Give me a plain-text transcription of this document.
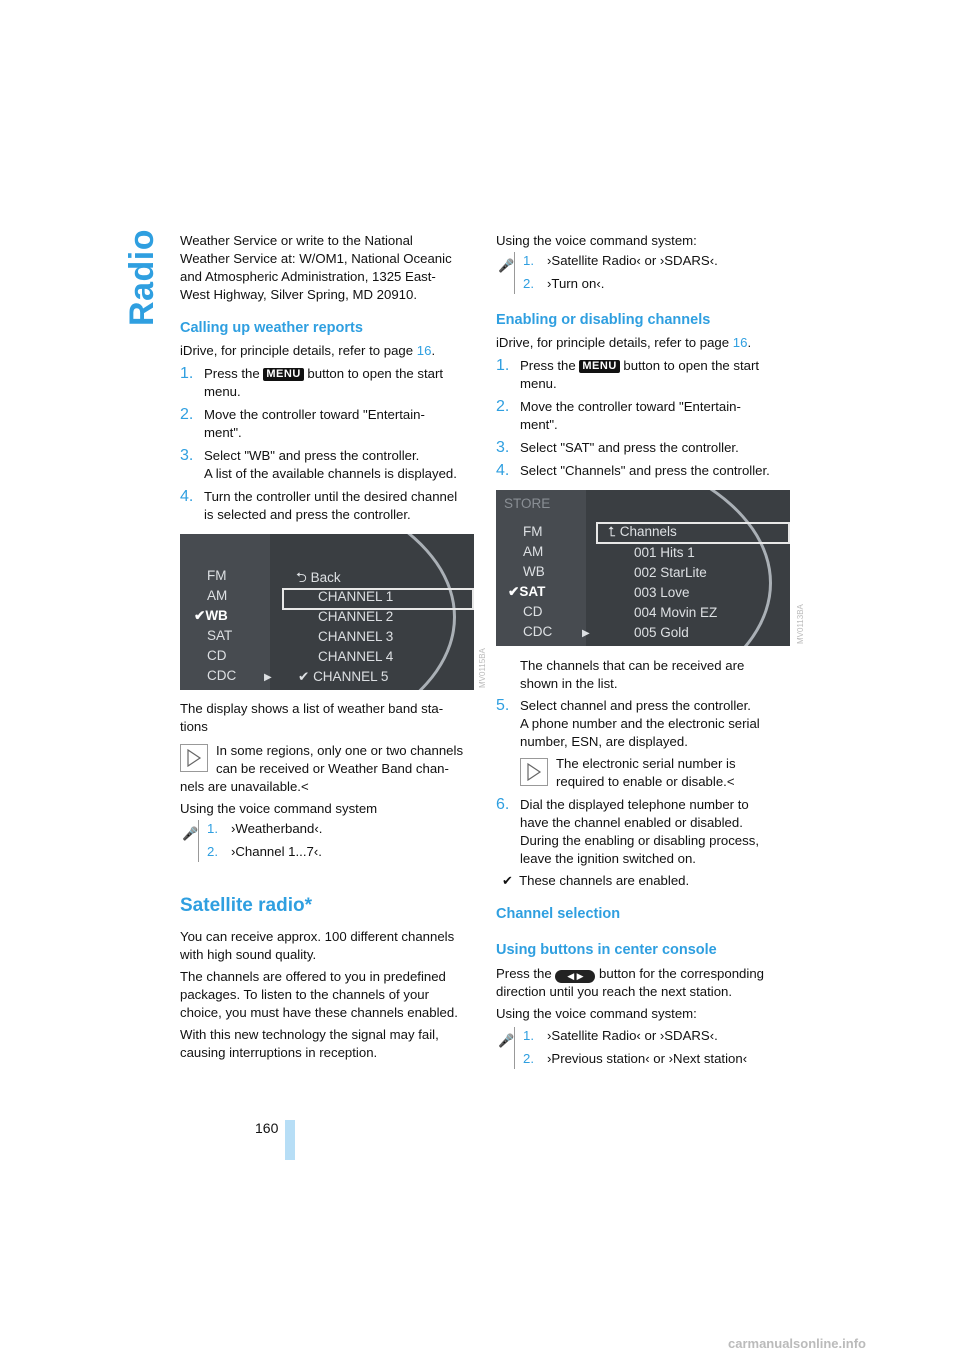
Radio
160

Weather Service or write to the National

Weather Service at: W/OM1, National Oceanic

and Atmospheric Administration, 1325 East-

West Highway, Silver Spring, MD 20910.

Calling up weather reports

iDrive, for principle details, refer to page 16.

1. Press the MENU button to open the start

menu.

2. Move the controller toward "Entertain-

ment".

3. Select "WB" and press the controller.

A list of the available channels is displayed.

4. Turn the controller until the desired channel

is selected and press the controller.

FM
AM
✔WB
SAT
CD
CDC
⮌ Back
CHANNEL 1
CHANNEL 2
CHANNEL 3
CHANNEL 4
✔ CHANNEL 5
▶	MV0115BA

The display shows a list of weather band sta-

tions

In some regions, only one or two channels

can be received or Weather Band chan-

nels are unavailable.<

Using the voice command system

🎤 1. ›Weatherband‹.

2. ›Channel 1...7‹.

Satellite radio*

You can receive approx. 100 different channels

with high sound quality.

The channels are offered to you in predefined

packages. To listen to the channels of your

choice, you must have these channels enabled.

With this new technology the signal may fail,

causing interruptions in reception.

Using the voice command system:

🎤 1. ›Satellite Radio‹ or ›SDARS‹.

2. ›Turn on‹.

Enabling or disabling channels

iDrive, for principle details, refer to page 16.

1. Press the MENU button to open the start

menu.

2. Move the controller toward "Entertain-

ment".

3. Select "SAT" and press the controller.

4. Select "Channels" and press the controller.

STORE
FM
AM
WB
✔SAT
CD
CDC
⮤ Channels
001 Hits 1
002 StarLite
003 Love
004 Movin EZ
005 Gold
▶	MV0113BA

The channels that can be received are

shown in the list.

5. Select channel and press the controller.

A phone number and the electronic serial

number, ESN, are displayed.

The electronic serial number is

required to enable or disable.<

6. Dial the displayed telephone number to

have the channel enabled or disabled.

During the enabling or disabling process,

leave the ignition switched on.

✔ These channels are enabled.

Channel selection
Using buttons in center console

Press the ◀ ▶ button for the corresponding

direction until you reach the next station.

Using the voice command system:

🎤 1. ›Satellite Radio‹ or ›SDARS‹.

2. ›Previous station‹ or ›Next station‹

carmanualsonline.info
